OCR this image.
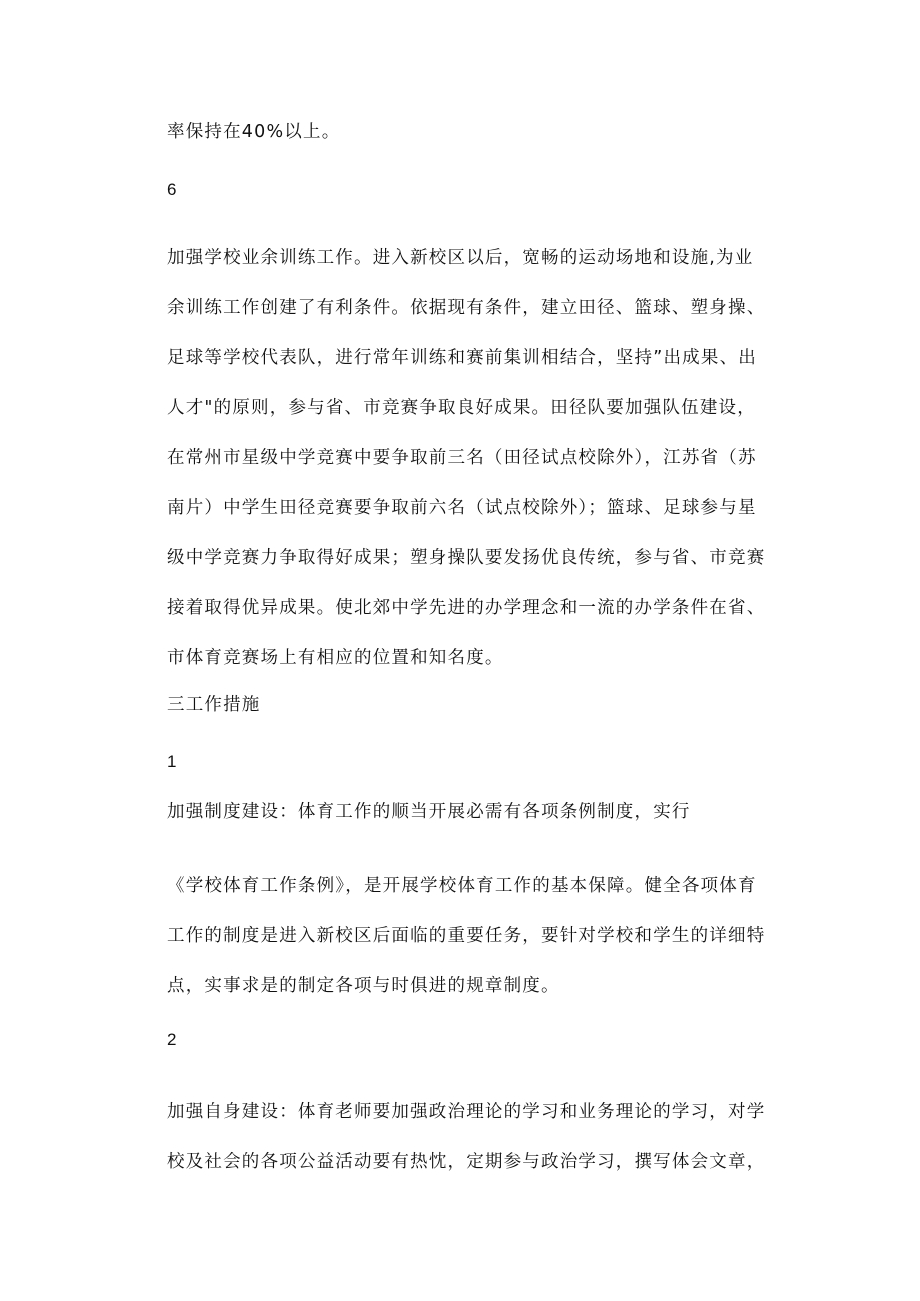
率保持在40%以上。
6
加强学校业余训练工作。进入新校区以后，宽畅的运动场地和设施,为业
余训练工作创建了有利条件。依据现有条件，建立田径、篮球、塑身操、
足球等学校代表队，进行常年训练和赛前集训相结合，坚持”出成果、出
人才"的原则，参与省、市竞赛争取良好成果。田径队要加强队伍建设，
在常州市星级中学竞赛中要争取前三名（田径试点校除外），江苏省（苏
南片）中学生田径竞赛要争取前六名（试点校除外）；篮球、足球参与星
级中学竞赛力争取得好成果；塑身操队要发扬优良传统，参与省、市竞赛
接着取得优异成果。使北郊中学先进的办学理念和一流的办学条件在省、
市体育竞赛场上有相应的位置和知名度。
三工作措施
1
加强制度建设：体育工作的顺当开展必需有各项条例制度，实行
《学校体育工作条例》，是开展学校体育工作的基本保障。健全各项体育
工作的制度是进入新校区后面临的重要任务，要针对学校和学生的详细特
点，实事求是的制定各项与时俱进的规章制度。
2
加强自身建设：体育老师要加强政治理论的学习和业务理论的学习，对学
校及社会的各项公益活动要有热忱，定期参与政治学习，撰写体会文章，
